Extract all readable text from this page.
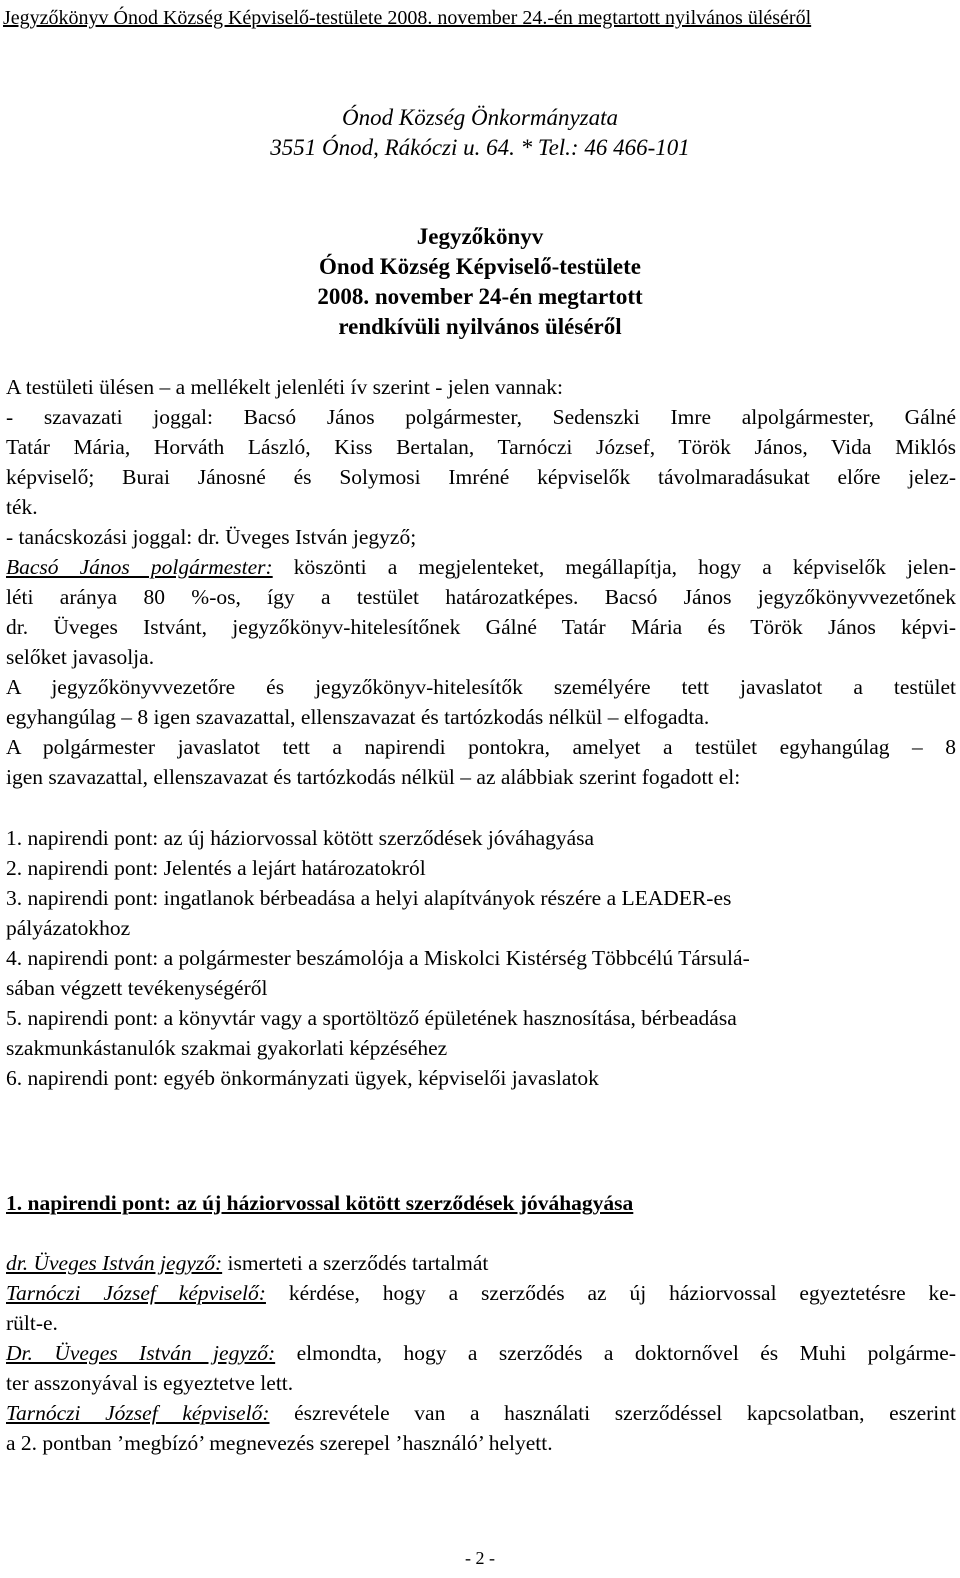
Jegyzőkönyv Ónod Község Képviselő-testülete 2008. november 24.-én megtartott nyilvános üléséről
Ónod Község Önkormányzata
3551 Ónod, Rákóczi u. 64. * Tel.: 46 466-101
Jegyzőkönyv
Ónod Község Képviselő-testülete
2008. november 24-én megtartott
rendkívüli nyilvános üléséről
A testületi ülésen – a mellékelt jelenléti ív szerint - jelen vannak:
- szavazati joggal: Bacsó János polgármester, Sedenszki Imre alpolgármester, Gálné
Tatár Mária, Horváth László, Kiss Bertalan, Tarnóczi József, Török János, Vida Miklós
képviselő; Burai Jánosné és Solymosi Imréné képviselők távolmaradásukat előre jelez-
ték.
- tanácskozási joggal: dr. Üveges István jegyző;
Bacsó János polgármester: köszönti a megjelenteket, megállapítja, hogy a képviselők jelen-
léti aránya 80 %-os, így a testület határozatképes. Bacsó János jegyzőkönyvvezetőnek
dr. Üveges Istvánt, jegyzőkönyv-hitelesítőnek Gálné Tatár Mária és Török János képvi-
selőket javasolja.
A jegyzőkönyvvezetőre és jegyzőkönyv-hitelesítők személyére tett javaslatot a testület
egyhangúlag – 8 igen szavazattal, ellenszavazat és tartózkodás nélkül – elfogadta.
A polgármester javaslatot tett a napirendi pontokra, amelyet a testület egyhangúlag – 8
igen szavazattal, ellenszavazat és tartózkodás nélkül – az alábbiak szerint fogadott el:
1. napirendi pont: az új háziorvossal kötött szerződések jóváhagyása
2. napirendi pont: Jelentés a lejárt határozatokról
3. napirendi pont: ingatlanok bérbeadása a helyi alapítványok részére a LEADER-es
pályázatokhoz
4. napirendi pont: a polgármester beszámolója a Miskolci Kistérség Többcélú Társulá-
sában végzett tevékenységéről
5. napirendi pont: a könyvtár vagy a sportöltöző épületének hasznosítása, bérbeadása
szakmunkástanulók szakmai gyakorlati képzéséhez
6. napirendi pont: egyéb önkormányzati ügyek, képviselői javaslatok
1. napirendi pont: az új háziorvossal kötött szerződések jóváhagyása
dr. Üveges István jegyző: ismerteti a szerződés tartalmát
Tarnóczi József képviselő: kérdése, hogy a szerződés az új háziorvossal egyeztetésre ke-
rült-e.
Dr. Üveges István jegyző: elmondta, hogy a szerződés a doktornővel és Muhi polgárme-
ter asszonyával is egyeztetve lett.
Tarnóczi József képviselő: észrevétele van a használati szerződéssel kapcsolatban, eszerint
a 2. pontban ’megbízó’ megnevezés szerepel ’használó’ helyett.
- 2 -
